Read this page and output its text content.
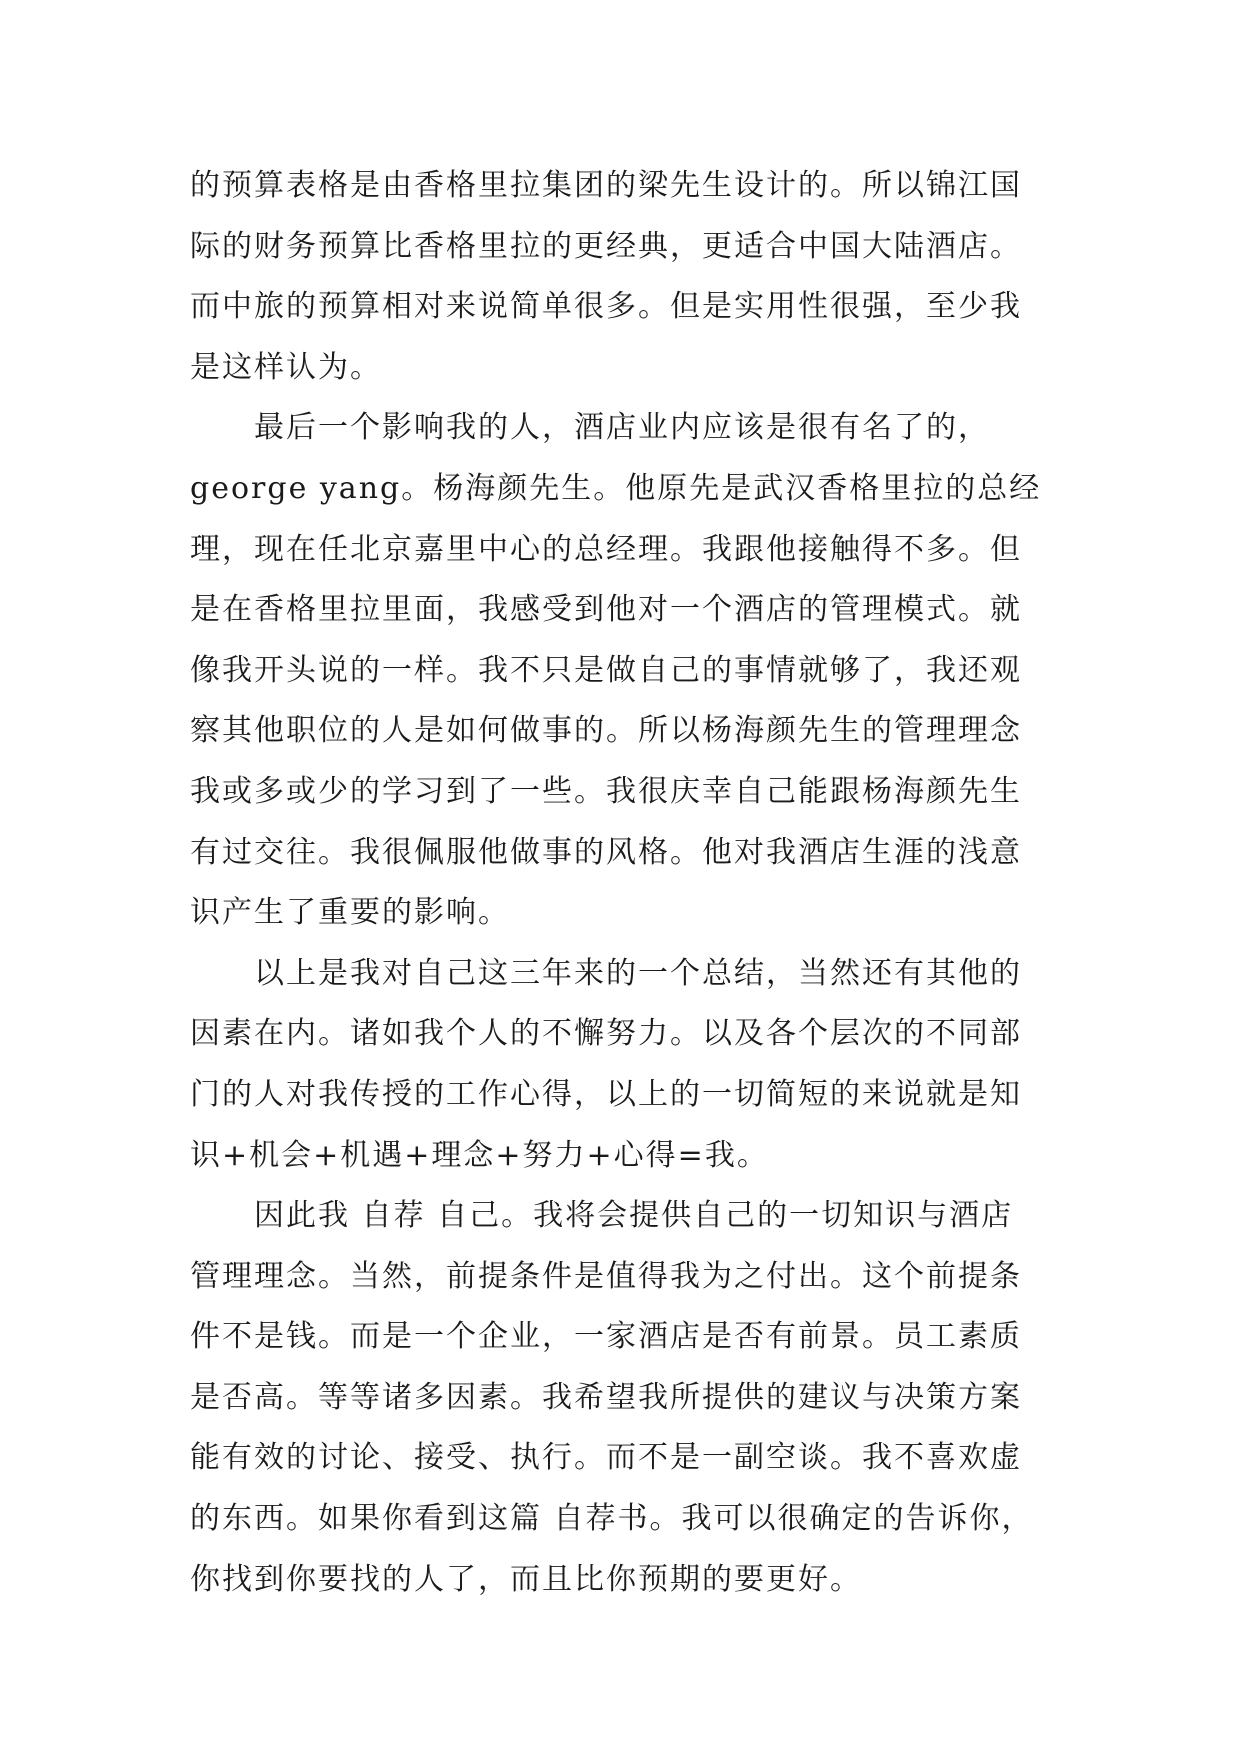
的预算表格是由香格里拉集团的梁先生设计的。所以锦江国
际的财务预算比香格里拉的更经典，更适合中国大陆酒店。
而中旅的预算相对来说简单很多。但是实用性很强，至少我
是这样认为。
　　最后一个影响我的人，酒店业内应该是很有名了的，
george yang。杨海颜先生。他原先是武汉香格里拉的总经
理，现在任北京嘉里中心的总经理。我跟他接触得不多。但
是在香格里拉里面，我感受到他对一个酒店的管理模式。就
像我开头说的一样。我不只是做自己的事情就够了，我还观
察其他职位的人是如何做事的。所以杨海颜先生的管理理念
我或多或少的学习到了一些。我很庆幸自己能跟杨海颜先生
有过交往。我很佩服他做事的风格。他对我酒店生涯的浅意
识产生了重要的影响。
　　以上是我对自己这三年来的一个总结，当然还有其他的
因素在内。诸如我个人的不懈努力。以及各个层次的不同部
门的人对我传授的工作心得，以上的一切简短的来说就是知
识+机会+机遇+理念+努力+心得=我。
　　因此我 自荐 自己。我将会提供自己的一切知识与酒店
管理理念。当然，前提条件是值得我为之付出。这个前提条
件不是钱。而是一个企业，一家酒店是否有前景。员工素质
是否高。等等诸多因素。我希望我所提供的建议与决策方案
能有效的讨论、接受、执行。而不是一副空谈。我不喜欢虚
的东西。如果你看到这篇 自荐书。我可以很确定的告诉你，
你找到你要找的人了，而且比你预期的要更好。
